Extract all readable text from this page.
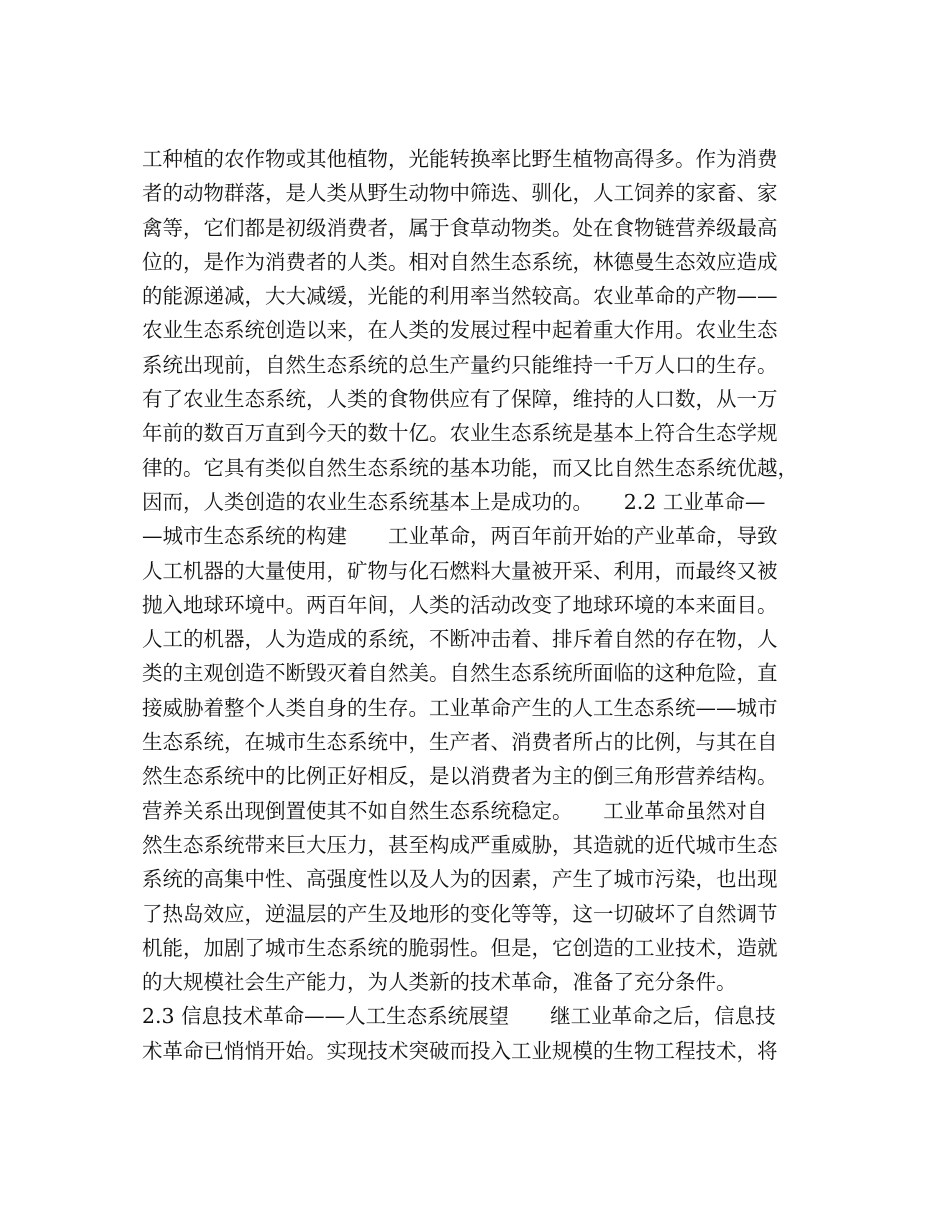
工种植的农作物或其他植物，光能转换率比野生植物高得多。作为消费
者的动物群落，是人类从野生动物中筛选、驯化，人工饲养的家畜、家
禽等，它们都是初级消费者，属于食草动物类。处在食物链营养级最高
位的，是作为消费者的人类。相对自然生态系统，林德曼生态效应造成
的能源递减，大大减缓，光能的利用率当然较高。农业革命的产物——
农业生态系统创造以来，在人类的发展过程中起着重大作用。农业生态
系统出现前，自然生态系统的总生产量约只能维持一千万人口的生存。
有了农业生态系统，人类的食物供应有了保障，维持的人口数，从一万
年前的数百万直到今天的数十亿。农业生态系统是基本上符合生态学规
律的。它具有类似自然生态系统的基本功能，而又比自然生态系统优越，
因而，人类创造的农业生态系统基本上是成功的。　　2.2 工业革命—
—城市生态系统的构建　　工业革命，两百年前开始的产业革命，导致
人工机器的大量使用，矿物与化石燃料大量被开采、利用，而最终又被
抛入地球环境中。两百年间，人类的活动改变了地球环境的本来面目。
人工的机器，人为造成的系统，不断冲击着、排斥着自然的存在物，人
类的主观创造不断毁灭着自然美。自然生态系统所面临的这种危险，直
接威胁着整个人类自身的生存。工业革命产生的人工生态系统——城市
生态系统，在城市生态系统中，生产者、消费者所占的比例，与其在自
然生态系统中的比例正好相反，是以消费者为主的倒三角形营养结构。
营养关系出现倒置使其不如自然生态系统稳定。　　工业革命虽然对自
然生态系统带来巨大压力，甚至构成严重威胁，其造就的近代城市生态
系统的高集中性、高强度性以及人为的因素，产生了城市污染，也出现
了热岛效应，逆温层的产生及地形的变化等等，这一切破坏了自然调节
机能，加剧了城市生态系统的脆弱性。但是，它创造的工业技术，造就
的大规模社会生产能力，为人类新的技术革命，准备了充分条件。
2.3 信息技术革命——人工生态系统展望　　继工业革命之后，信息技
术革命已悄悄开始。实现技术突破而投入工业规模的生物工程技术，将
